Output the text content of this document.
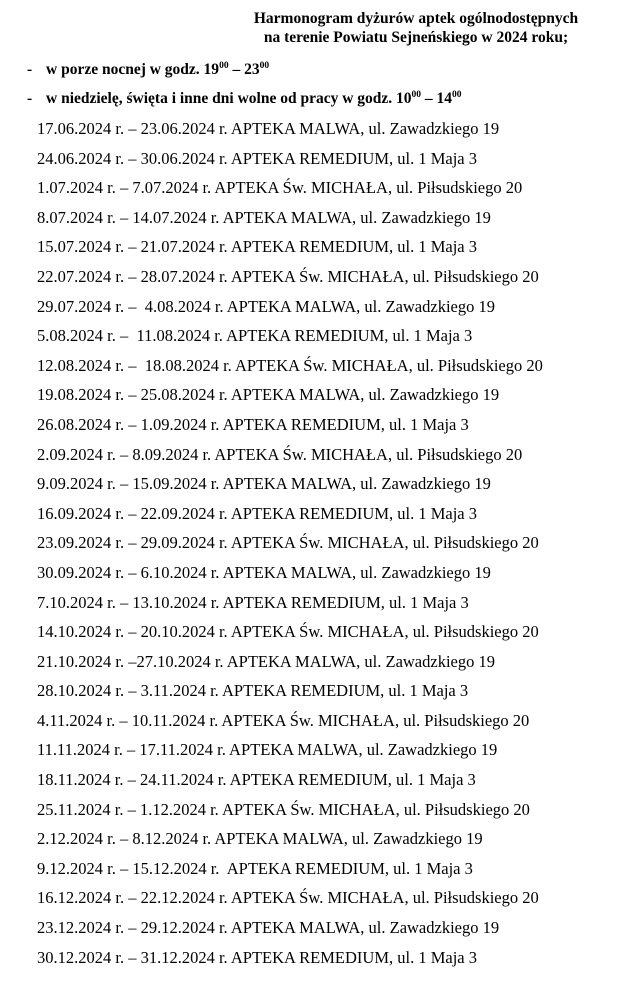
Harmonogram dyżurów aptek ogólnodostępnych
na terenie Powiatu Sejneńskiego w 2024 roku;
- w porze nocnej w godz. $19^{00} - 23^{00}$
- w niedzielę, święta i inne dni wolne od pracy w godz. $10^{00} - 14^{00}$
17.06.2024 r. – 23.06.2024 r. APTEKA MALWA, ul. Zawadzkiego 19
24.06.2024 r. – 30.06.2024 r. APTEKA REMEDIUM, ul. 1 Maja 3
1.07.2024 r. – 7.07.2024 r. APTEKA Św. MICHAŁA, ul. Piłsudskiego 20
8.07.2024 r. – 14.07.2024 r. APTEKA MALWA, ul. Zawadzkiego 19
15.07.2024 r. – 21.07.2024 r. APTEKA REMEDIUM, ul. 1 Maja 3
22.07.2024 r. – 28.07.2024 r. APTEKA Św. MICHAŁA, ul. Piłsudskiego 20
29.07.2024 r. –  4.08.2024 r. APTEKA MALWA, ul. Zawadzkiego 19
5.08.2024 r. –  11.08.2024 r. APTEKA REMEDIUM, ul. 1 Maja 3
12.08.2024 r. –  18.08.2024 r. APTEKA Św. MICHAŁA, ul. Piłsudskiego 20
19.08.2024 r. – 25.08.2024 r. APTEKA MALWA, ul. Zawadzkiego 19
26.08.2024 r. – 1.09.2024 r. APTEKA REMEDIUM, ul. 1 Maja 3
2.09.2024 r. – 8.09.2024 r. APTEKA Św. MICHAŁA, ul. Piłsudskiego 20
9.09.2024 r. – 15.09.2024 r. APTEKA MALWA, ul. Zawadzkiego 19
16.09.2024 r. – 22.09.2024 r. APTEKA REMEDIUM, ul. 1 Maja 3
23.09.2024 r. – 29.09.2024 r. APTEKA Św. MICHAŁA, ul. Piłsudskiego 20
30.09.2024 r. – 6.10.2024 r. APTEKA MALWA, ul. Zawadzkiego 19
7.10.2024 r. – 13.10.2024 r. APTEKA REMEDIUM, ul. 1 Maja 3
14.10.2024 r. – 20.10.2024 r. APTEKA Św. MICHAŁA, ul. Piłsudskiego 20
21.10.2024 r. –27.10.2024 r. APTEKA MALWA, ul. Zawadzkiego 19
28.10.2024 r. – 3.11.2024 r. APTEKA REMEDIUM, ul. 1 Maja 3
4.11.2024 r. – 10.11.2024 r. APTEKA Św. MICHAŁA, ul. Piłsudskiego 20
11.11.2024 r. – 17.11.2024 r. APTEKA MALWA, ul. Zawadzkiego 19
18.11.2024 r. – 24.11.2024 r. APTEKA REMEDIUM, ul. 1 Maja 3
25.11.2024 r. – 1.12.2024 r. APTEKA Św. MICHAŁA, ul. Piłsudskiego 20
2.12.2024 r. – 8.12.2024 r. APTEKA MALWA, ul. Zawadzkiego 19
9.12.2024 r. – 15.12.2024 r.  APTEKA REMEDIUM, ul. 1 Maja 3
16.12.2024 r. – 22.12.2024 r. APTEKA Św. MICHAŁA, ul. Piłsudskiego 20
23.12.2024 r. – 29.12.2024 r. APTEKA MALWA, ul. Zawadzkiego 19
30.12.2024 r. – 31.12.2024 r. APTEKA REMEDIUM, ul. 1 Maja 3
